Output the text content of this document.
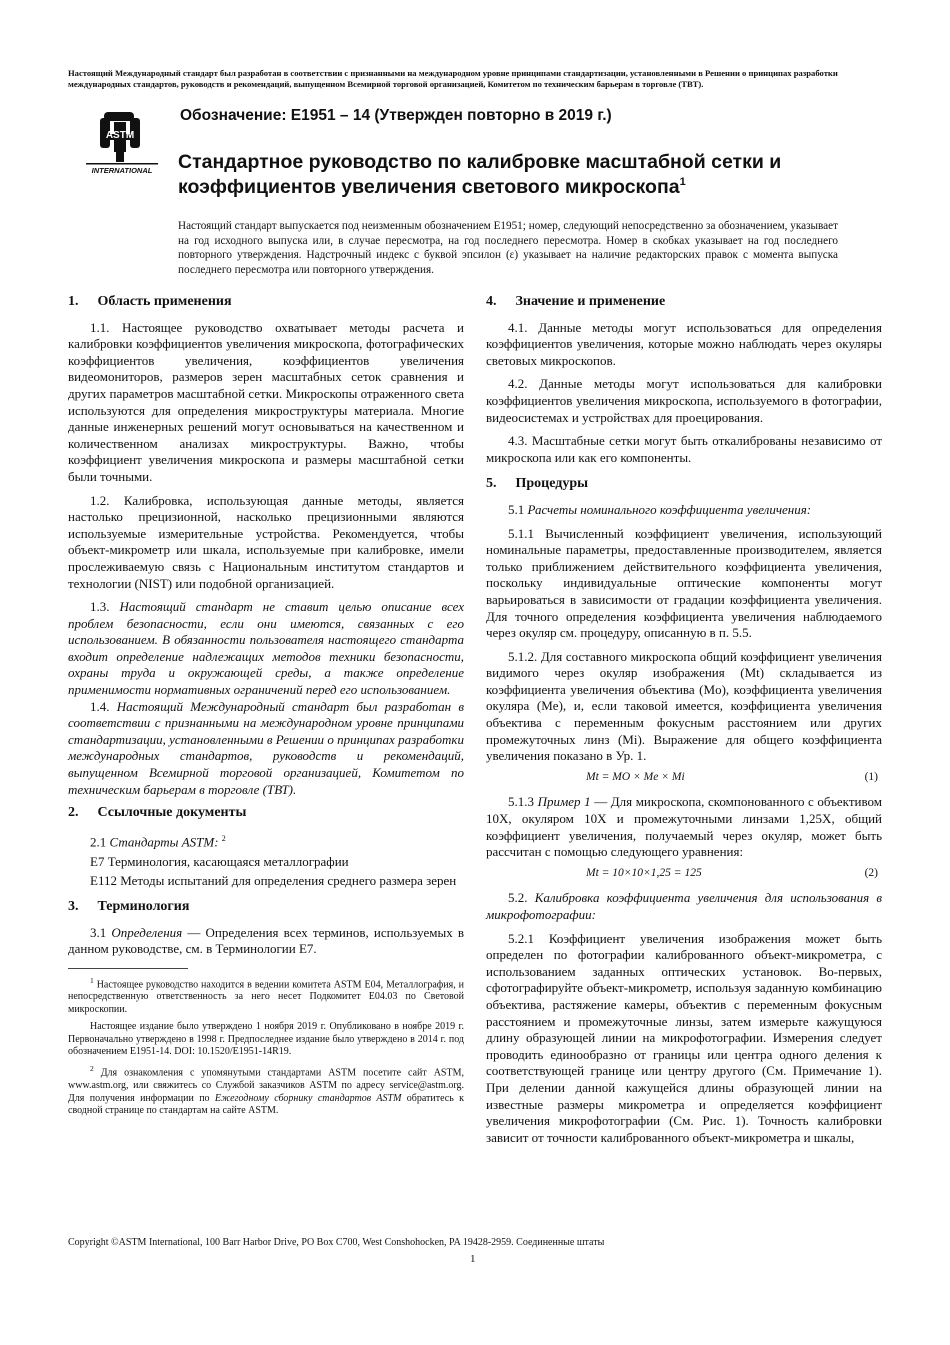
Настоящий Международный стандарт был разработан в соответствии с признанными на международном уровне принципами стандартизации, установленными в Решении о принципах разработки международных стандартов, руководств и рекомендаций, выпущенном Всемирной торговой организацией, Комитетом по техническим барьерам в торговле (ТВТ).
ASTM
INTERNATIONAL
Обозначение: E1951 – 14 (Утвержден повторно в 2019 г.)
Стандартное руководство по калибровке масштабной сетки и
коэффициентов увеличения светового микроскопа$^1$
Настоящий стандарт выпускается под неизменным обозначением E1951; номер, следующий непосредственно за обозначением, указывает на год исходного выпуска или, в случае пересмотра, на год последнего пересмотра. Номер в скобках указывает на год последнего повторного утверждения. Надстрочный индекс с буквой эпсилон (ε) указывает на наличие редакторских правок с момента выпуска последнего пересмотра или повторного утверждения.
1. Область применения

1.1. Настоящее руководство охватывает методы расчета и калибровки коэффициентов увеличения микроскопа, фотографических коэффициентов увеличения, коэффициентов увеличения видеомониторов, размеров зерен масштабных сеток сравнения и других параметров масштабной сетки. Микроскопы отраженного света используются для определения микроструктуры материала. Многие данные инженерных решений могут основываться на качественном и количественном анализах микроструктуры. Важно, чтобы коэффициент увеличения микроскопа и размеры масштабной сетки были точными.

1.2. Калибровка, использующая данные методы, является настолько прецизионной, насколько прецизионными являются используемые измерительные устройства. Рекомендуется, чтобы объект-микрометр или шкала, используемые при калибровке, имели прослеживаемую связь с Национальным институтом стандартов и технологии (NIST) или подобной организацией.

1.3. Настоящий стандарт не ставит целью описание всех проблем безопасности, если они имеются, связанных с его использованием. В обязанности пользователя настоящего стандарта входит определение надлежащих методов техники безопасности, охраны труда и окружающей среды, а также определение применимости нормативных ограничений перед его использованием.

1.4. Настоящий Международный стандарт был разработан в соответствии с признанными на международном уровне принципами стандартизации, установленными в Решении о принципах разработки международных стандартов, руководств и рекомендаций, выпущенном Всемирной торговой организацией, Комитетом по техническим барьерам в торговле (ТВТ).

2. Ссылочные документы

2.1 Стандарты ASTM: $^2$

E7 Терминология, касающаяся металлографии

E112 Методы испытаний для определения среднего размера зерен

3. Терминология

3.1 Определения — Определения всех терминов, используемых в данном руководстве, см. в Терминологии E7.

$^1$ Настоящее руководство находится в ведении комитета ASTM E04, Металлография, и непосредственную ответственность за него несет Подкомитет E04.03 по Световой микроскопии.

Настоящее издание было утверждено 1 ноября 2019 г. Опубликовано в ноябре 2019 г. Первоначально утверждено в 1998 г. Предпоследнее издание было утверждено в 2014 г. под обозначением E1951-14. DOI: 10.1520/E1951-14R19.

$^2$ Для ознакомления с упомянутыми стандартами ASTM посетите сайт ASTM, www.astm.org, или свяжитесь со Службой заказчиков ASTM по адресу service@astm.org. Для получения информации по Ежегодному сборнику стандартов ASTM обратитесь к сводной странице по стандартам на сайте ASTM.

4. Значение и применение

4.1. Данные методы могут использоваться для определения коэффициентов увеличения, которые можно наблюдать через окуляры световых микроскопов.

4.2. Данные методы могут использоваться для калибровки коэффициентов увеличения микроскопа, используемого в фотографии, видеосистемах и устройствах для проецирования.

4.3. Масштабные сетки могут быть откалиброваны независимо от микроскопа или как его компоненты.

5. Процедуры

5.1 Расчеты номинального коэффициента увеличения:

5.1.1 Вычисленный коэффициент увеличения, использующий номинальные параметры, предоставленные производителем, является только приближением действительного коэффициента увеличения, поскольку индивидуальные оптические компоненты могут варьироваться в зависимости от градации коэффициента увеличения. Для точного определения коэффициента увеличения наблюдаемого через окуляр см. процедуру, описанную в п. 5.5.

5.1.2. Для составного микроскопа общий коэффициент увеличения видимого через окуляр изображения (Mt) складывается из коэффициента увеличения объектива (Mo), коэффициента увеличения окуляра (Me), и, если таковой имеется, коэффициента увеличения объектива с переменным фокусным расстоянием или других промежуточных линз (Mi). Выражение для общего коэффициента увеличения показано в Ур. 1.

Mt = MO × Me × Mi	(1)

5.1.3 Пример 1 — Для микроскопа, скомпонованного с объективом 10X, окуляром 10X и промежуточными линзами 1,25X, общий коэффициент увеличения, получаемый через окуляр, может быть рассчитан с помощью следующего уравнения:

Mt = 10×10×1,25 = 125	(2)

5.2. Калибровка коэффициента увеличения для использования в микрофотографии:

5.2.1 Коэффициент увеличения изображения может быть определен по фотографии калиброванного объект-микрометра, с использованием заданных оптических установок. Во-первых, сфотографируйте объект-микрометр, используя заданную комбинацию объектива, растяжение камеры, объектив с переменным фокусным расстоянием и промежуточные линзы, затем измерьте кажущуюся длину образующей линии на микрофотографии. Измерения следует проводить единообразно от границы или центра одного деления к соответствующей границе или центру другого (См. Примечание 1). При делении данной кажущейся длины образующей линии на известные размеры микрометра и определяется коэффициент увеличения микрофотографии (См. Рис. 1). Точность калибровки зависит от точности калиброванного объект-микрометра и шкалы,

Copyright ©ASTM International, 100 Barr Harbor Drive, PO Box C700, West Conshohocken, PA 19428-2959. Соединенные штаты
1
